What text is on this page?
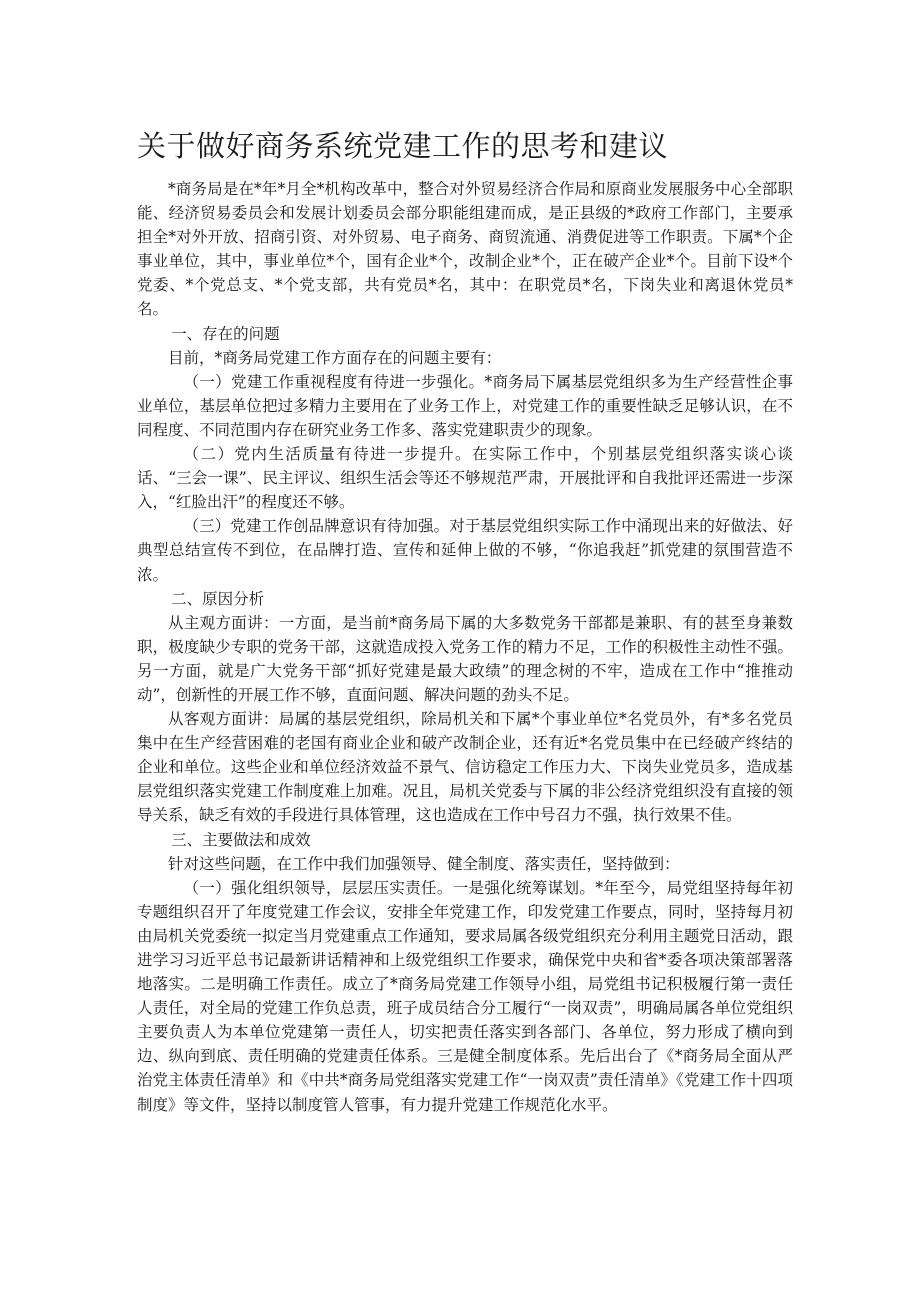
关于做好商务系统党建工作的思考和建议

*商务局是在*年*月全*机构改革中，整合对外贸易经济合作局和原商业发展服务中心全部职能、经济贸易委员会和发展计划委员会部分职能组建而成，是正县级的*政府工作部门，主要承担全*对外开放、招商引资、对外贸易、电子商务、商贸流通、消费促进等工作职责。下属*个企事业单位，其中，事业单位*个，国有企业*个，改制企业*个，正在破产企业*个。目前下设*个党委、*个党总支、*个党支部，共有党员*名，其中：在职党员*名，下岗失业和离退休党员*名。

一、存在的问题

目前，*商务局党建工作方面存在的问题主要有：

（一）党建工作重视程度有待进一步强化。*商务局下属基层党组织多为生产经营性企事业单位，基层单位把过多精力主要用在了业务工作上，对党建工作的重要性缺乏足够认识，在不同程度、不同范围内存在研究业务工作多、落实党建职责少的现象。

（二）党内生活质量有待进一步提升。在实际工作中，个别基层党组织落实谈心谈话、“三会一课”、民主评议、组织生活会等还不够规范严肃，开展批评和自我批评还需进一步深入，“红脸出汗”的程度还不够。

（三）党建工作创品牌意识有待加强。对于基层党组织实际工作中涌现出来的好做法、好典型总结宣传不到位，在品牌打造、宣传和延伸上做的不够，“你追我赶”抓党建的氛围营造不浓。

二、原因分析

从主观方面讲：一方面，是当前*商务局下属的大多数党务干部都是兼职、有的甚至身兼数职，极度缺少专职的党务干部，这就造成投入党务工作的精力不足，工作的积极性主动性不强。另一方面，就是广大党务干部“抓好党建是最大政绩”的理念树的不牢，造成在工作中“推推动动”，创新性的开展工作不够，直面问题、解决问题的劲头不足。

从客观方面讲：局属的基层党组织，除局机关和下属*个事业单位*名党员外，有*多名党员集中在生产经营困难的老国有商业企业和破产改制企业，还有近*名党员集中在已经破产终结的企业和单位。这些企业和单位经济效益不景气、信访稳定工作压力大、下岗失业党员多，造成基层党组织落实党建工作制度难上加难。况且，局机关党委与下属的非公经济党组织没有直接的领导关系，缺乏有效的手段进行具体管理，这也造成在工作中号召力不强，执行效果不佳。

三、主要做法和成效

针对这些问题，在工作中我们加强领导、健全制度、落实责任，坚持做到：

（一）强化组织领导，层层压实责任。一是强化统筹谋划。*年至今，局党组坚持每年初专题组织召开了年度党建工作会议，安排全年党建工作，印发党建工作要点，同时，坚持每月初由局机关党委统一拟定当月党建重点工作通知，要求局属各级党组织充分利用主题党日活动，跟进学习习近平总书记最新讲话精神和上级党组织工作要求，确保党中央和省*委各项决策部署落地落实。二是明确工作责任。成立了*商务局党建工作领导小组，局党组书记积极履行第一责任人责任，对全局的党建工作负总责，班子成员结合分工履行“一岗双责”，明确局属各单位党组织主要负责人为本单位党建第一责任人，切实把责任落实到各部门、各单位，努力形成了横向到边、纵向到底、责任明确的党建责任体系。三是健全制度体系。先后出台了《*商务局全面从严治党主体责任清单》和《中共*商务局党组落实党建工作“一岗双责”责任清单》《党建工作十四项制度》等文件，坚持以制度管人管事，有力提升党建工作规范化水平。
